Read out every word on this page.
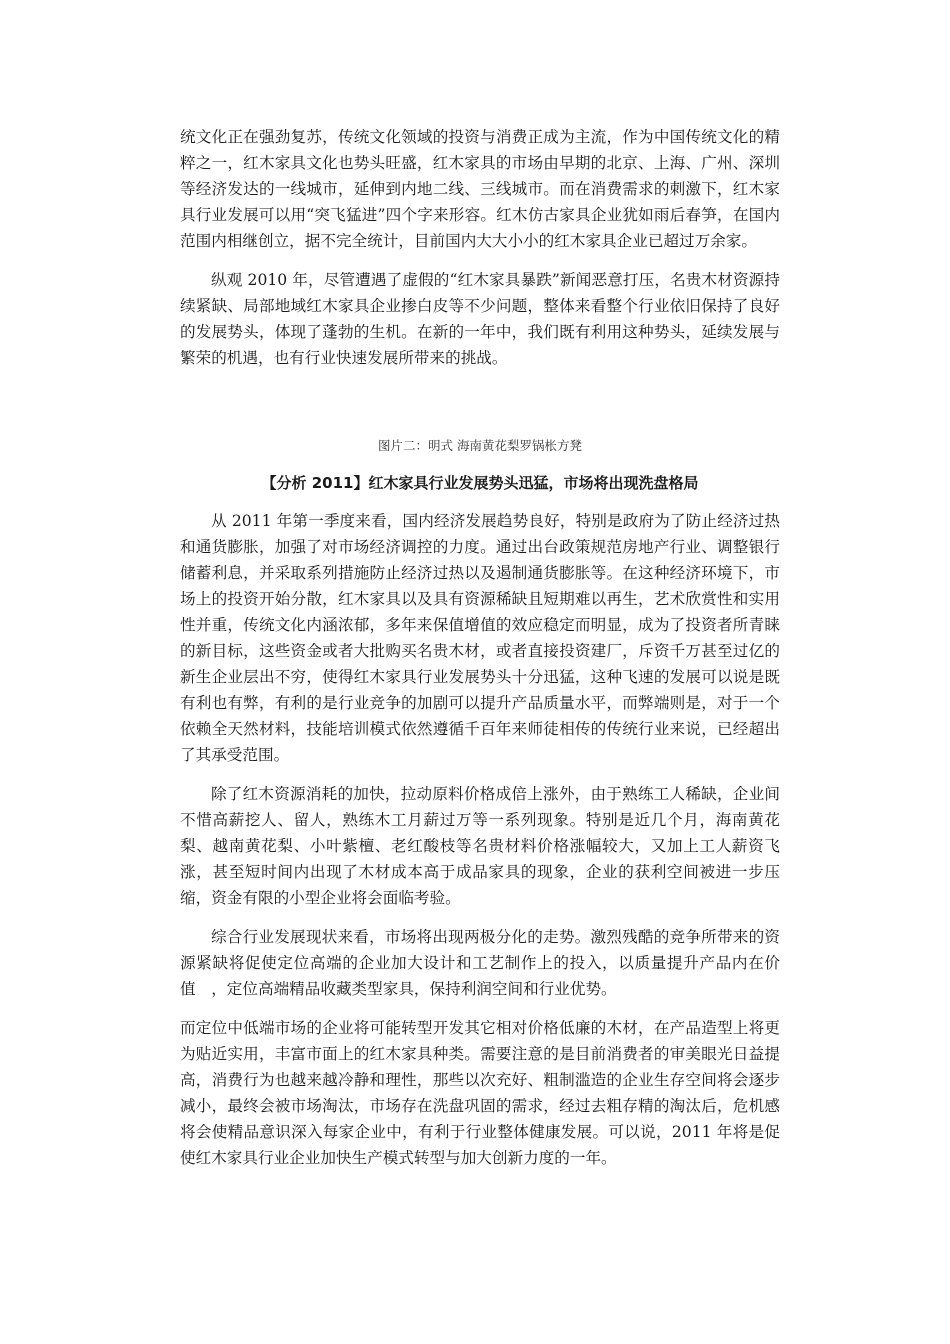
统文化正在强劲复苏，传统文化领域的投资与消费正成为主流，作为中国传统文化的精粹之一，红木家具文化也势头旺盛，红木家具的市场由早期的北京、上海、广州、深圳等经济发达的一线城市，延伸到内地二线、三线城市。而在消费需求的刺激下，红木家具行业发展可以用“突飞猛进”四个字来形容。红木仿古家具企业犹如雨后春笋，在国内范围内相继创立，据不完全统计，目前国内大大小小的红木家具企业已超过万余家。

纵观 2010 年，尽管遭遇了虚假的“红木家具暴跌”新闻恶意打压，名贵木材资源持续紧缺、局部地域红木家具企业掺白皮等不少问题，整体来看整个行业依旧保持了良好的发展势头，体现了蓬勃的生机。在新的一年中，我们既有利用这种势头，延续发展与繁荣的机遇，也有行业快速发展所带来的挑战。

图片二：明式 海南黄花梨罗锅枨方凳

【分析 2011】红木家具行业发展势头迅猛，市场将出现洗盘格局

从 2011 年第一季度来看，国内经济发展趋势良好，特别是政府为了防止经济过热和通货膨胀，加强了对市场经济调控的力度。通过出台政策规范房地产行业、调整银行储蓄利息，并采取系列措施防止经济过热以及遏制通货膨胀等。在这种经济环境下，市场上的投资开始分散，红木家具以及具有资源稀缺且短期难以再生，艺术欣赏性和实用性并重，传统文化内涵浓郁，多年来保值增值的效应稳定而明显，成为了投资者所青睐的新目标，这些资金或者大批购买名贵木材，或者直接投资建厂，斥资千万甚至过亿的新生企业层出不穷，使得红木家具行业发展势头十分迅猛，这种飞速的发展可以说是既有利也有弊，有利的是行业竞争的加剧可以提升产品质量水平，而弊端则是，对于一个依赖全天然材料，技能培训模式依然遵循千百年来师徒相传的传统行业来说，已经超出了其承受范围。

除了红木资源消耗的加快，拉动原料价格成倍上涨外，由于熟练工人稀缺，企业间不惜高薪挖人、留人，熟练木工月薪过万等一系列现象。特别是近几个月，海南黄花梨、越南黄花梨、小叶紫檀、老红酸枝等名贵材料价格涨幅较大，又加上工人薪资飞涨，甚至短时间内出现了木材成本高于成品家具的现象，企业的获利空间被进一步压缩，资金有限的小型企业将会面临考验。

综合行业发展现状来看，市场将出现两极分化的走势。激烈残酷的竞争所带来的资源紧缺将促使定位高端的企业加大设计和工艺制作上的投入，以质量提升产品内在价值　，定位高端精品收藏类型家具，保持利润空间和行业优势。

而定位中低端市场的企业将可能转型开发其它相对价格低廉的木材，在产品造型上将更为贴近实用，丰富市面上的红木家具种类。需要注意的是目前消费者的审美眼光日益提高，消费行为也越来越冷静和理性，那些以次充好、粗制滥造的企业生存空间将会逐步减小，最终会被市场淘汰，市场存在洗盘巩固的需求，经过去粗存精的淘汰后，危机感将会使精品意识深入每家企业中，有利于行业整体健康发展。可以说，2011 年将是促使红木家具行业企业加快生产模式转型与加大创新力度的一年。
